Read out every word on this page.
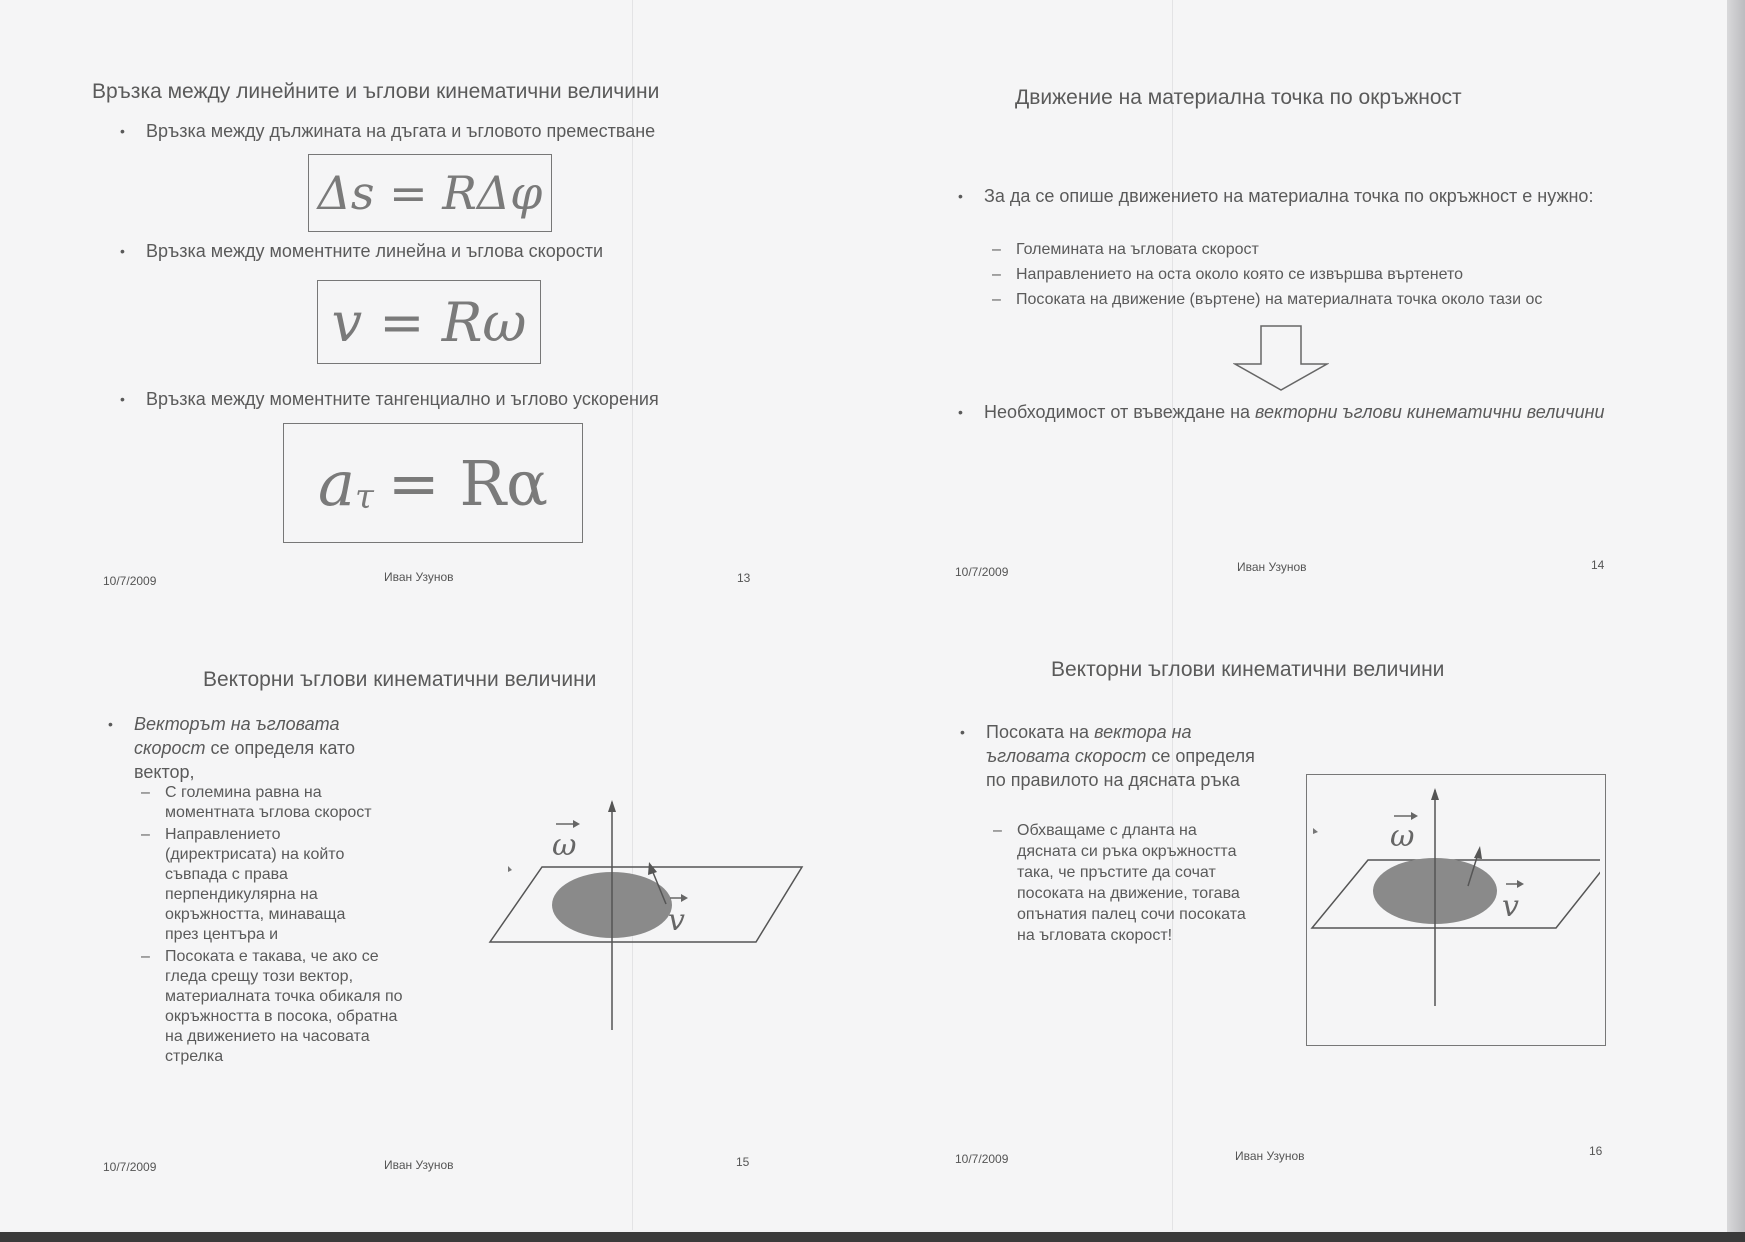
Връзка между линейните и ъглови кинематични величини
• Връзка между дължината на дъгата и ъгловото преместване
Δs = RΔφ
• Връзка между моментните линейна и ъглова скорости
v = Rω
• Връзка между моментните тангенциално и ъглово ускорения
$a_\tau = R\alpha$
10/7/2009	Иван Узунов	13
Движение на материална точка по окръжност
• За да се опише движението на материална точка по окръжност е нужно:
– Големината на ъгловата скорост
– Направлението на оста около която се извършва въртенето
– Посоката на движение (въртене) на материалната точка около тази ос
• Необходимост от въвеждане на векторни ъглови кинематични величини
10/7/2009	Иван Узунов	14
Векторни ъглови кинематични величини
• Векторът на ъгловата скорост се определя като вектор,
– С големина равна на моментната ъглова скорост
– Направлението (директрисата) на който съвпада с права перпендикулярна на окръжността, минаваща през центъра и
– Посоката е такава, че ако се гледа срещу този вектор, материалната точка обикаля по окръжността в посока, обратна на движението на часовата стрелка
ω
v
10/7/2009	Иван Узунов	15
Векторни ъглови кинематични величини
• Посоката на вектора на ъгловата скорост се определя по правилото на дясната ръка
– Обхващаме с дланта на дясната си ръка окръжността така, че пръстите да сочат посоката на движение, тогава опънатия палец сочи посоката на ъгловата скорост!
ω
v
10/7/2009	Иван Узунов	16
